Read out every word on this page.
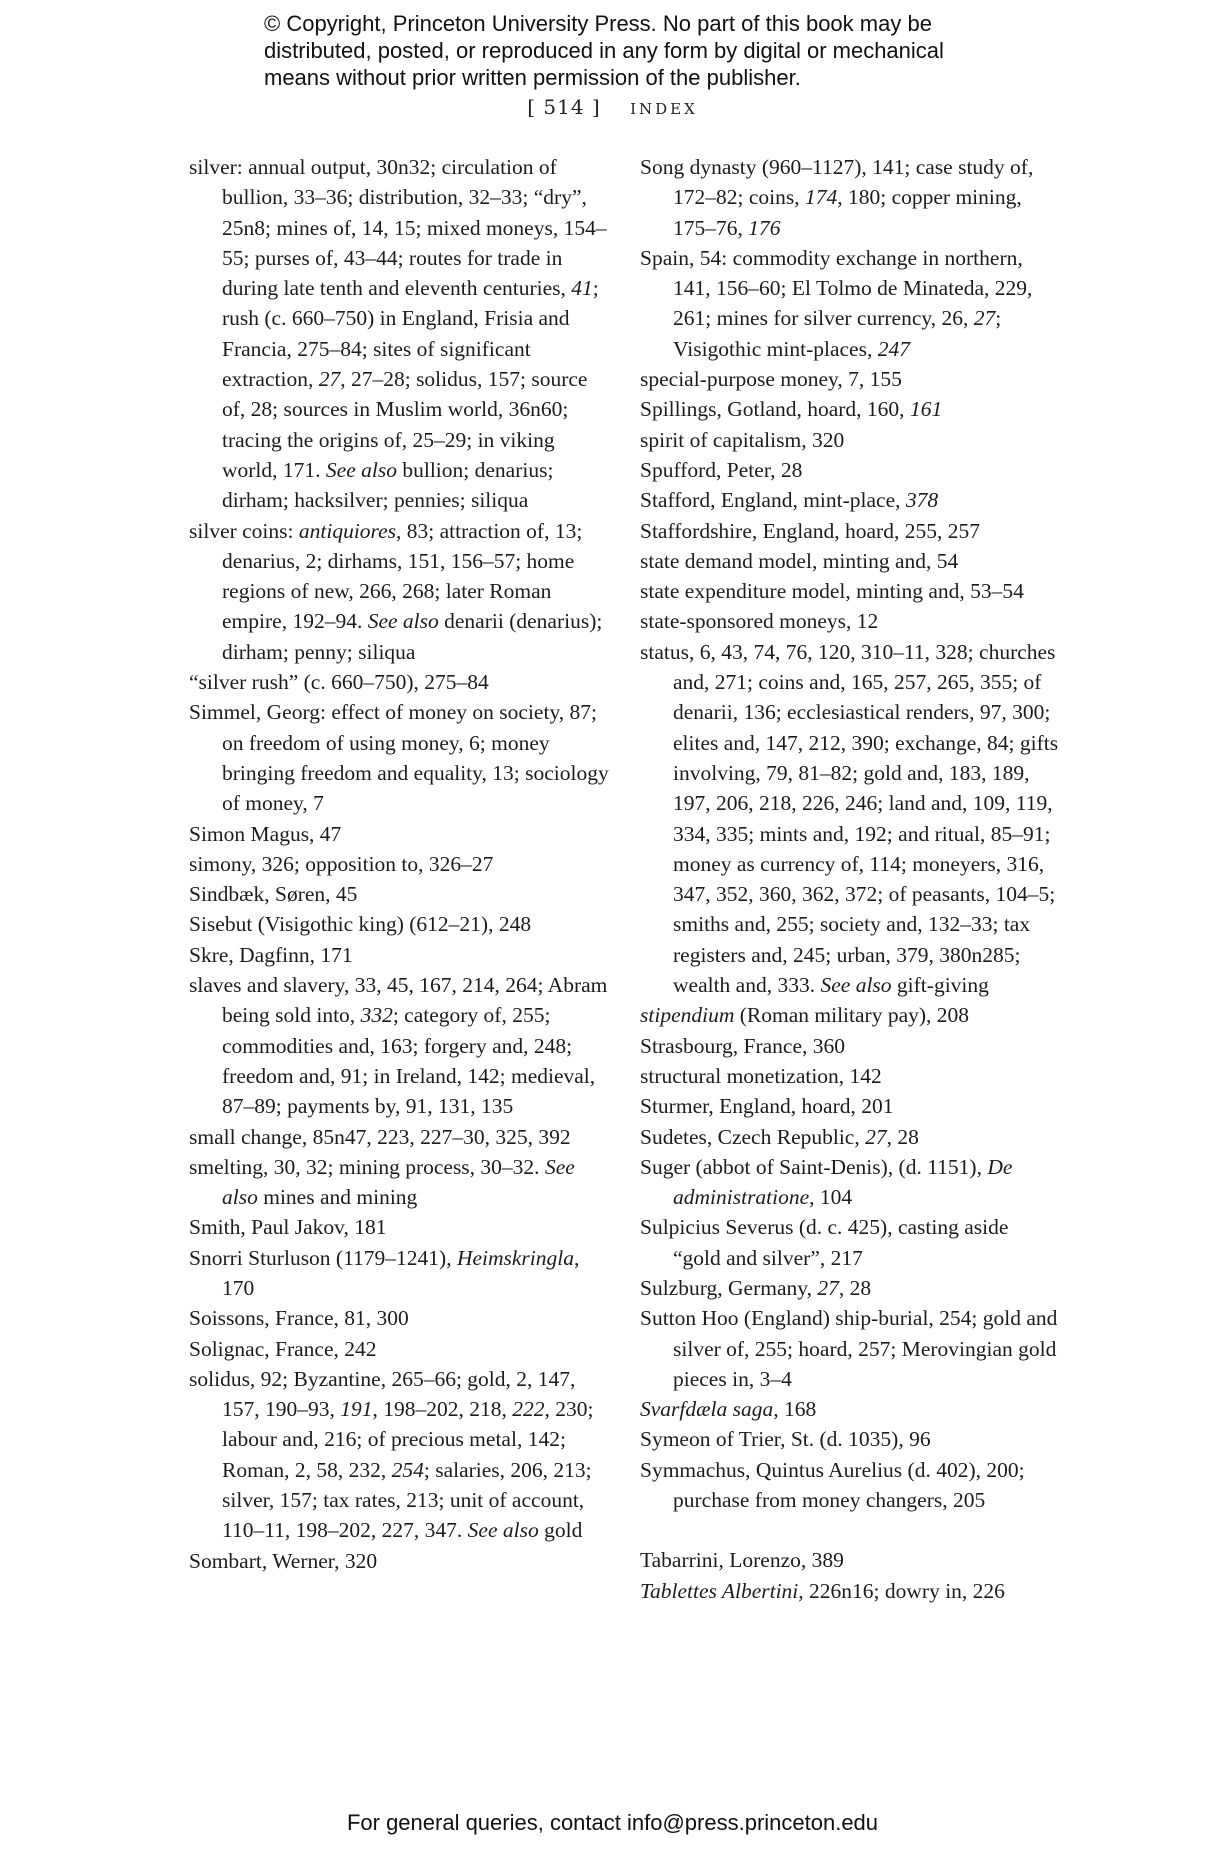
© Copyright, Princeton University Press. No part of this book may be
distributed, posted, or reproduced in any form by digital or mechanical
means without prior written permission of the publisher.
[ 514 ] index

silver: annual output, 30n32; circulation of bullion, 33–36; distribution, 32–33; “dry”, 25n8; mines of, 14, 15; mixed moneys, 154–55; purses of, 43–44; routes for trade in during late tenth and eleventh centuries, 41; rush (c. 660–750) in England, Frisia and Francia, 275–84; sites of significant extraction, 27, 27–28; solidus, 157; source of, 28; sources in Muslim world, 36n60; tracing the origins of, 25–29; in viking world, 171. See also bullion; denarius; dirham; hacksilver; pennies; siliqua

silver coins: antiquiores, 83; attraction of, 13; denarius, 2; dirhams, 151, 156–57; home regions of new, 266, 268; later Roman empire, 192–94. See also denarii (denarius); dirham; penny; siliqua

“silver rush” (c. 660–750), 275–84

Simmel, Georg: effect of money on society, 87; on freedom of using money, 6; money bringing freedom and equality, 13; sociology of money, 7

Simon Magus, 47

simony, 326; opposition to, 326–27

Sindbæk, Søren, 45

Sisebut (Visigothic king) (612–21), 248

Skre, Dagfinn, 171

slaves and slavery, 33, 45, 167, 214, 264; Abram being sold into, 332; category of, 255; commodities and, 163; forgery and, 248; freedom and, 91; in Ireland, 142; medieval, 87–89; payments by, 91, 131, 135

small change, 85n47, 223, 227–30, 325, 392

smelting, 30, 32; mining process, 30–32. See also mines and mining

Smith, Paul Jakov, 181

Snorri Sturluson (1179–1241), Heimskringla, 170

Soissons, France, 81, 300

Solignac, France, 242

solidus, 92; Byzantine, 265–66; gold, 2, 147, 157, 190–93, 191, 198–202, 218, 222, 230; labour and, 216; of precious metal, 142; Roman, 2, 58, 232, 254; salaries, 206, 213; silver, 157; tax rates, 213; unit of account, 110–11, 198–202, 227, 347. See also gold

Sombart, Werner, 320

Song dynasty (960–1127), 141; case study of, 172–82; coins, 174, 180; copper mining, 175–76, 176

Spain, 54: commodity exchange in northern, 141, 156–60; El Tolmo de Minateda, 229, 261; mines for silver currency, 26, 27; Visigothic mint-places, 247

special-purpose money, 7, 155

Spillings, Gotland, hoard, 160, 161

spirit of capitalism, 320

Spufford, Peter, 28

Stafford, England, mint-place, 378

Staffordshire, England, hoard, 255, 257

state demand model, minting and, 54

state expenditure model, minting and, 53–54

state-sponsored moneys, 12

status, 6, 43, 74, 76, 120, 310–11, 328; churches and, 271; coins and, 165, 257, 265, 355; of denarii, 136; ecclesiastical renders, 97, 300; elites and, 147, 212, 390; exchange, 84; gifts involving, 79, 81–82; gold and, 183, 189, 197, 206, 218, 226, 246; land and, 109, 119, 334, 335; mints and, 192; and ritual, 85–91; money as currency of, 114; moneyers, 316, 347, 352, 360, 362, 372; of peasants, 104–5; smiths and, 255; society and, 132–33; tax registers and, 245; urban, 379, 380n285; wealth and, 333. See also gift-giving

stipendium (Roman military pay), 208

Strasbourg, France, 360

structural monetization, 142

Sturmer, England, hoard, 201

Sudetes, Czech Republic, 27, 28

Suger (abbot of Saint-Denis), (d. 1151), De administratione, 104

Sulpicius Severus (d. c. 425), casting aside “gold and silver”, 217

Sulzburg, Germany, 27, 28

Sutton Hoo (England) ship-burial, 254; gold and silver of, 255; hoard, 257; Merovingian gold pieces in, 3–4

Svarfdæla saga, 168

Symeon of Trier, St. (d. 1035), 96

Symmachus, Quintus Aurelius (d. 402), 200; purchase from money changers, 205

Tabarrini, Lorenzo, 389

Tablettes Albertini, 226n16; dowry in, 226

For general queries, contact info@press.princeton.edu
